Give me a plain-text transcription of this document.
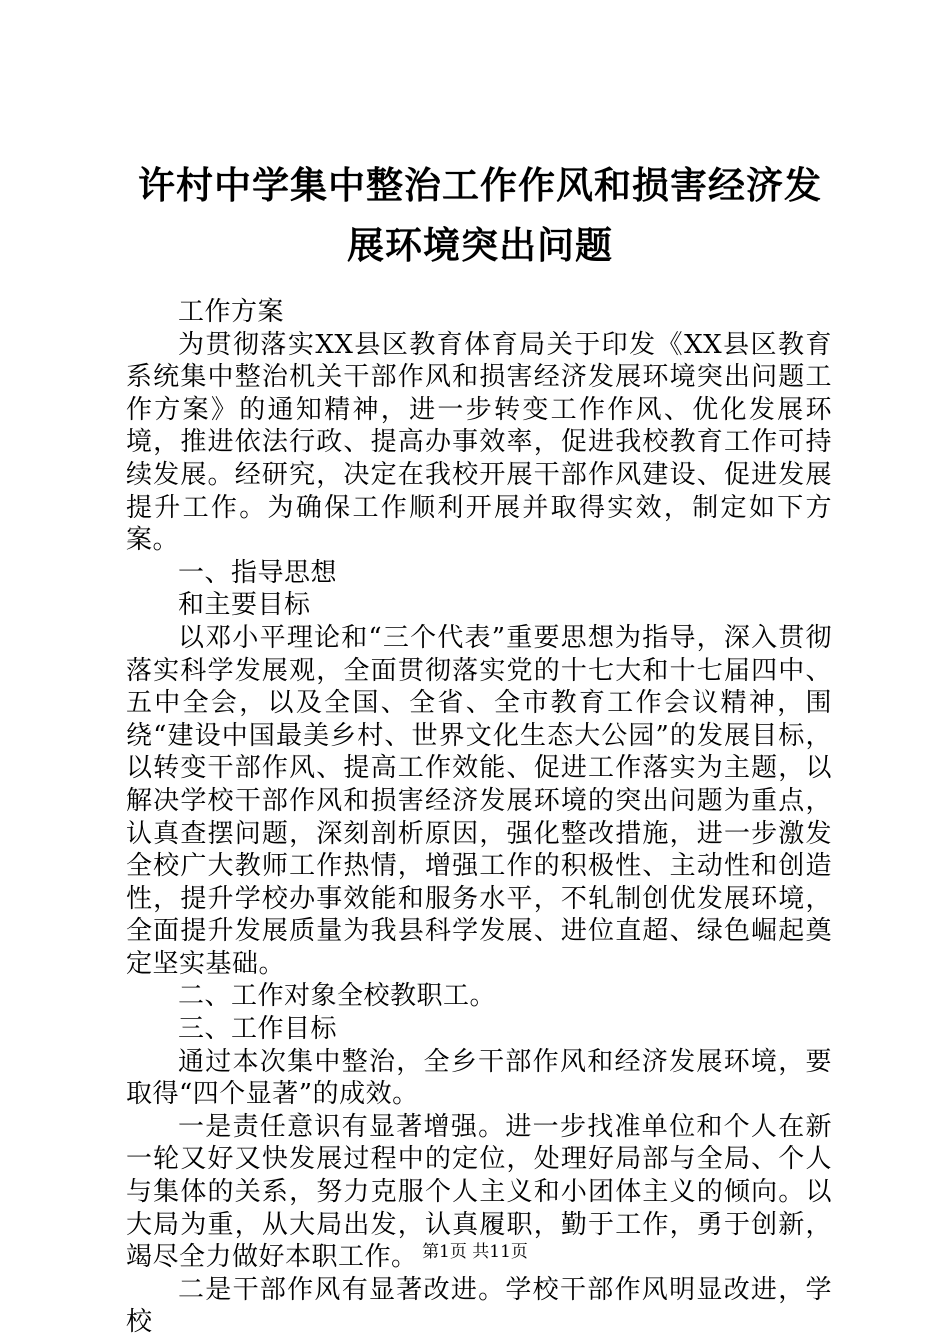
许村中学集中整治工作作风和损害经济发展环境突出问题

工作方案

为贯彻落实XX县区教育体育局关于印发《XX县区教育系统集中整治机关干部作风和损害经济发展环境突出问题工作方案》的通知精神，进一步转变工作作风、优化发展环境，推进依法行政、提高办事效率，促进我校教育工作可持续发展。经研究，决定在我校开展干部作风建设、促进发展提升工作。为确保工作顺利开展并取得实效，制定如下方案。

一、指导思想

和主要目标

以邓小平理论和“三个代表”重要思想为指导，深入贯彻落实科学发展观，全面贯彻落实党的十七大和十七届四中、五中全会，以及全国、全省、全市教育工作会议精神，围绕“建设中国最美乡村、世界文化生态大公园”的发展目标，以转变干部作风、提高工作效能、促进工作落实为主题，以解决学校干部作风和损害经济发展环境的突出问题为重点，认真查摆问题，深刻剖析原因，强化整改措施，进一步激发全校广大教师工作热情，增强工作的积极性、主动性和创造性，提升学校办事效能和服务水平，不轧制创优发展环境，全面提升发展质量为我县科学发展、进位直超、绿色崛起奠定坚实基础。

二、工作对象全校教职工。

三、工作目标

通过本次集中整治，全乡干部作风和经济发展环境，要取得“四个显著”的成效。

一是责任意识有显著增强。进一步找准单位和个人在新一轮又好又快发展过程中的定位，处理好局部与全局、个人与集体的关系，努力克服个人主义和小团体主义的倾向。以大局为重，从大局出发，认真履职，勤于工作，勇于创新，竭尽全力做好本职工作。

二是干部作风有显著改进。学校干部作风明显改进，学校

第1页 共11页
